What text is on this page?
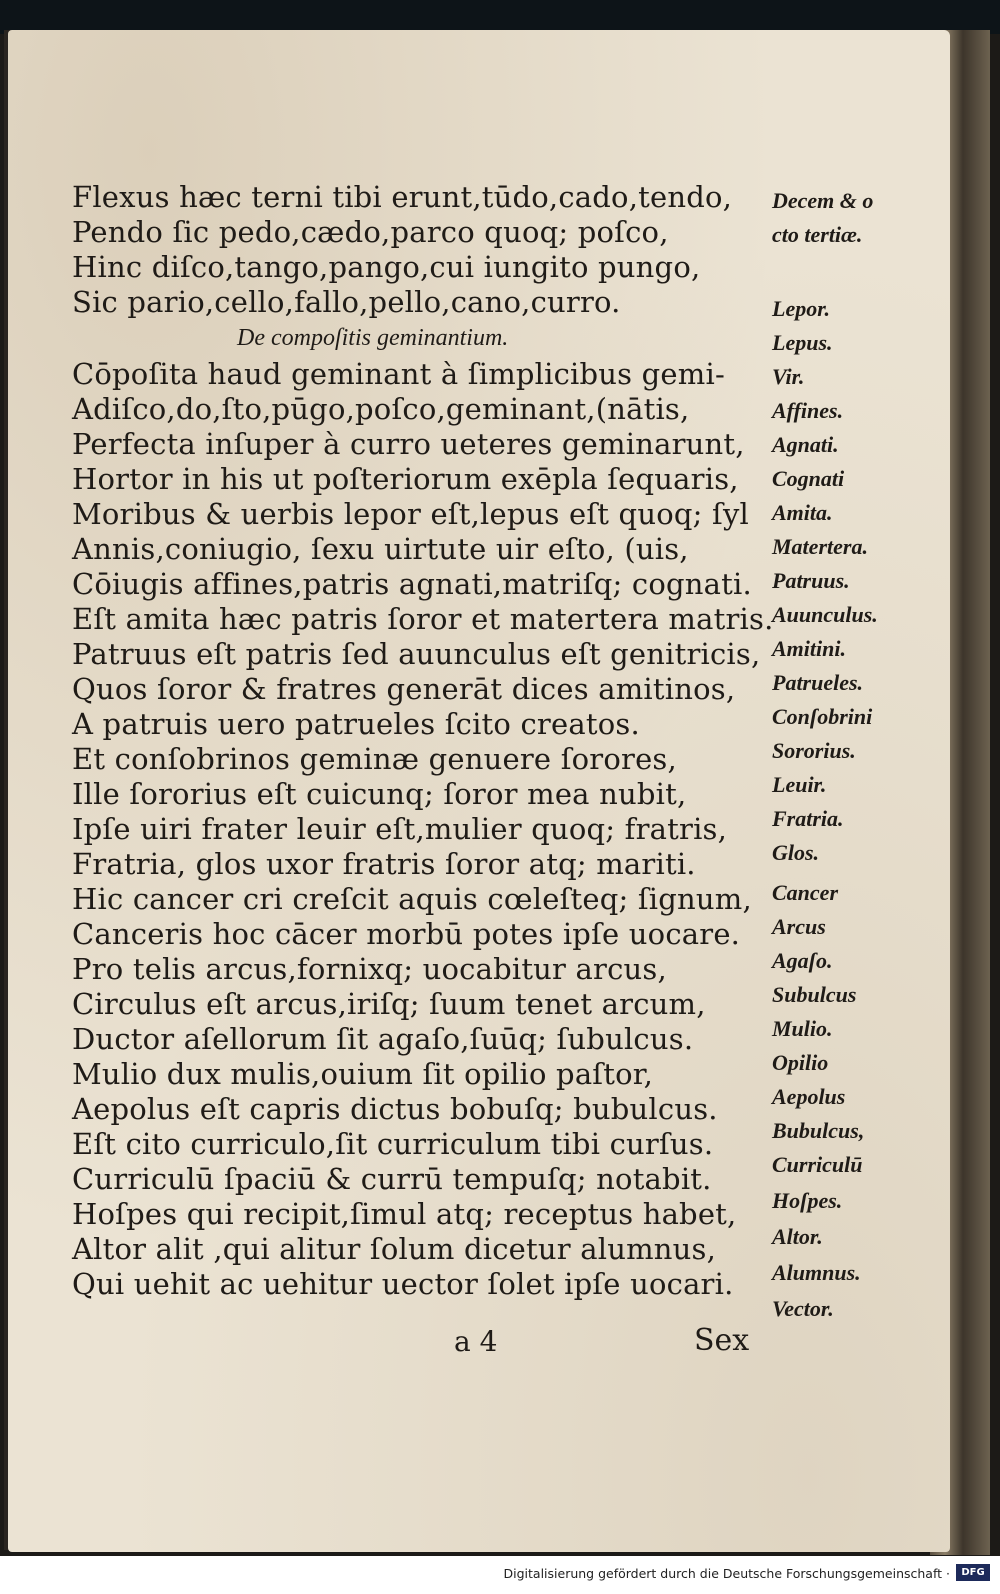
Flexus hæc terni tibi erunt,tūdo,cado,tendo,
Pendo ſic pedo,cædo,parco quoq; poſco,
Hinc diſco,tango,pango,cui iungito pungo,
Sic pario,cello,fallo,pello,cano,curro.
De compoſitis geminantium.
Cōpoſita haud geminant à ſimplicibus gemi-
Adiſco,do,ſto,pūgo,poſco,geminant,(nātis,
Perfecta inſuper à curro ueteres geminarunt,
Hortor in his ut poſteriorum exēpla ſequaris,
Moribus & uerbis lepor eſt,lepus eſt quoq; ſyl
Annis,coniugio, ſexu uirtute uir eſto, (uis,
Cōiugis affines,patris agnati,matriſq; cognati.
Eſt amita hæc patris ſoror et matertera matris.
Patruus eſt patris ſed auunculus eſt genitricis,
Quos ſoror & fratres generāt dices amitinos,
A patruis uero patrueles ſcito creatos.
Et conſobrinos geminæ genuere ſorores,
Ille ſororius eſt cuicunq; ſoror mea nubit,
Ipſe uiri frater leuir eſt,mulier quoq; fratris,
Fratria, glos uxor fratris ſoror atq; mariti.
Hic cancer cri creſcit aquis cœleſteq; ſignum,
Canceris hoc cācer morbū potes ipſe uocare.
Pro telis arcus,fornixq; uocabitur arcus,
Circulus eſt arcus,iriſq; ſuum tenet arcum,
Ductor aſellorum ſit agaſo,ſuūq; ſubulcus.
Mulio dux mulis,ouium ſit opilio paſtor,
Aepolus eſt capris dictus bobuſq; bubulcus.
Eſt cito curriculo,ſit curriculum tibi curſus.
Curriculū ſpaciū & currū tempuſq; notabit.
Hoſpes qui recipit,ſimul atq; receptus habet,
Altor alit ,qui alitur ſolum dicetur alumnus,
Qui uehit ac uehitur uector ſolet ipſe uocari.
Decem & o
cto tertiæ.
Lepor.
Lepus.
Vir.
Affines.
Agnati.
Cognati
Amita.
Matertera.
Patruus.
Auunculus.
Amitini.
Patrueles.
Conſobrini
Sororius.
Leuir.
Fratria.
Glos.
Cancer
Arcus
Agaſo.
Subulcus
Mulio.
Opilio
Aepolus
Bubulcus,
Curriculū
Hoſpes.
Altor.
Alumnus.
Vector.
a 4	Sex
Digitalisierung gefördert durch die Deutsche Forschungsgemeinschaft ·	DFG
